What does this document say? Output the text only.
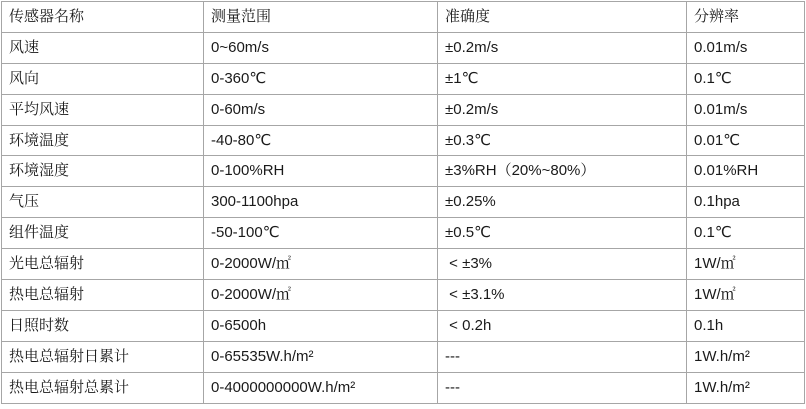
传感器名称	测量范围	准确度	分辨率
风速	0~60m/s	±0.2m/s	0.01m/s
风向	0-360℃	±1℃	0.1℃
平均风速	0-60m/s	±0.2m/s	0.01m/s
环境温度	-40-80℃	±0.3℃	0.01℃
环境湿度	0-100%RH	±3%RH（20%~80%）	0.01%RH
气压	300-1100hpa	±0.25%	0.1hpa
组件温度	-50-100℃	±0.5℃	0.1℃
光电总辐射	0-2000W/㎡	< ±3%	1W/㎡
热电总辐射	0-2000W/㎡	< ±3.1%	1W/㎡
日照时数	0-6500h	< 0.2h	0.1h
热电总辐射日累计	0-65535W.h/m²	---	1W.h/m²
热电总辐射总累计	0-4000000000W.h/m²	---	1W.h/m²
